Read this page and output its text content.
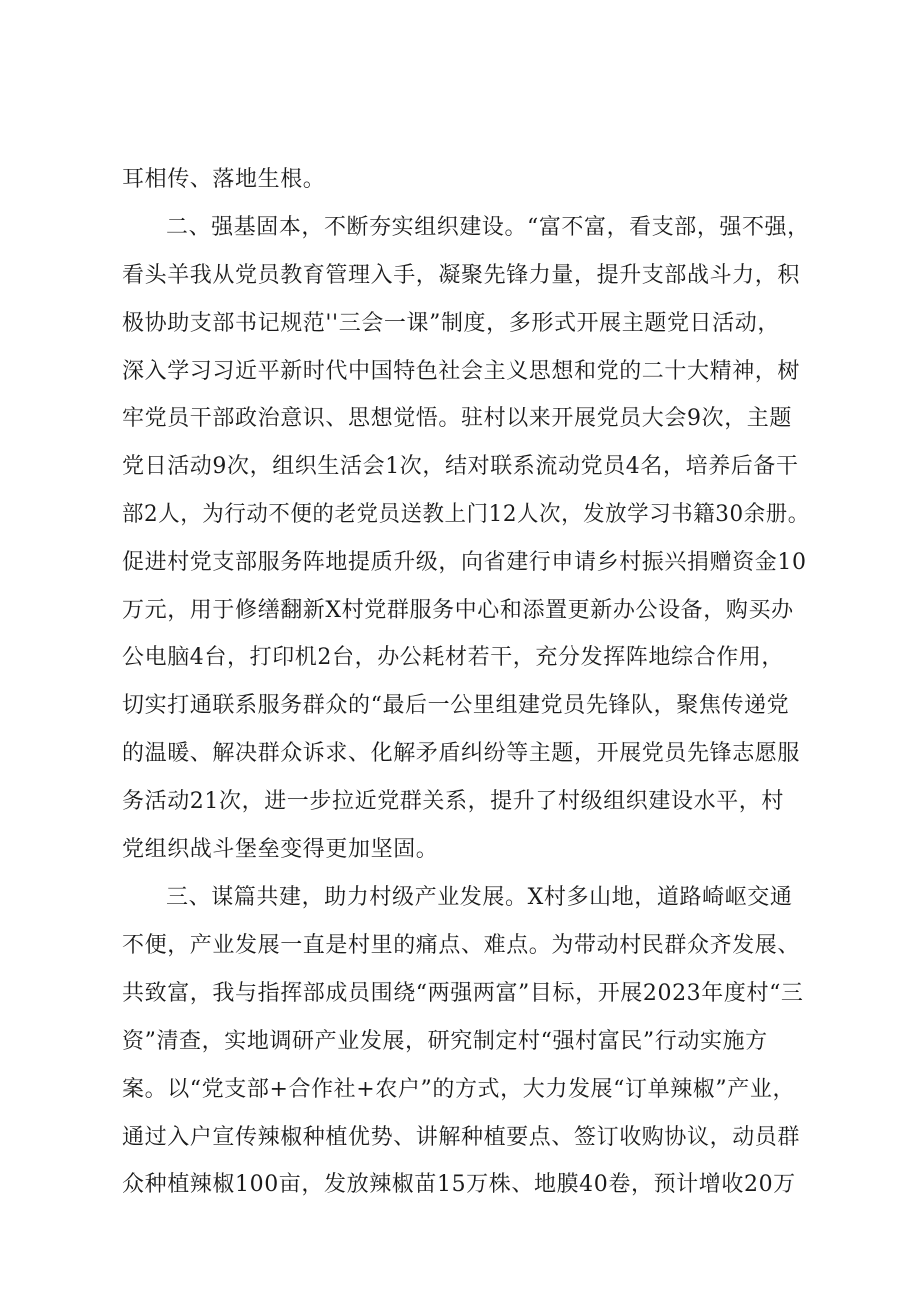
耳相传、落地生根。
二、强基固本，不断夯实组织建设。“富不富，看支部，强不强，
看头羊我从党员教育管理入手，凝聚先锋力量，提升支部战斗力，积
极协助支部书记规范''三会一课”制度，多形式开展主题党日活动，
深入学习习近平新时代中国特色社会主义思想和党的二十大精神，树
牢党员干部政治意识、思想觉悟。驻村以来开展党员大会9次，主题
党日活动9次，组织生活会1次，结对联系流动党员4名，培养后备干
部2人，为行动不便的老党员送教上门12人次，发放学习书籍30余册。
促进村党支部服务阵地提质升级，向省建行申请乡村振兴捐赠资金10
万元，用于修缮翻新X村党群服务中心和添置更新办公设备，购买办
公电脑4台，打印机2台，办公耗材若干，充分发挥阵地综合作用，
切实打通联系服务群众的“最后一公里组建党员先锋队，聚焦传递党
的温暖、解决群众诉求、化解矛盾纠纷等主题，开展党员先锋志愿服
务活动21次，进一步拉近党群关系，提升了村级组织建设水平，村
党组织战斗堡垒变得更加坚固。
三、谋篇共建，助力村级产业发展。X村多山地，道路崎岖交通
不便，产业发展一直是村里的痛点、难点。为带动村民群众齐发展、
共致富，我与指挥部成员围绕“两强两富”目标，开展2023年度村“三
资”清查，实地调研产业发展，研究制定村“强村富民”行动实施方
案。以“党支部+合作社+农户”的方式，大力发展“订单辣椒”产业，
通过入户宣传辣椒种植优势、讲解种植要点、签订收购协议，动员群
众种植辣椒100亩，发放辣椒苗15万株、地膜40卷，预计增收20万
